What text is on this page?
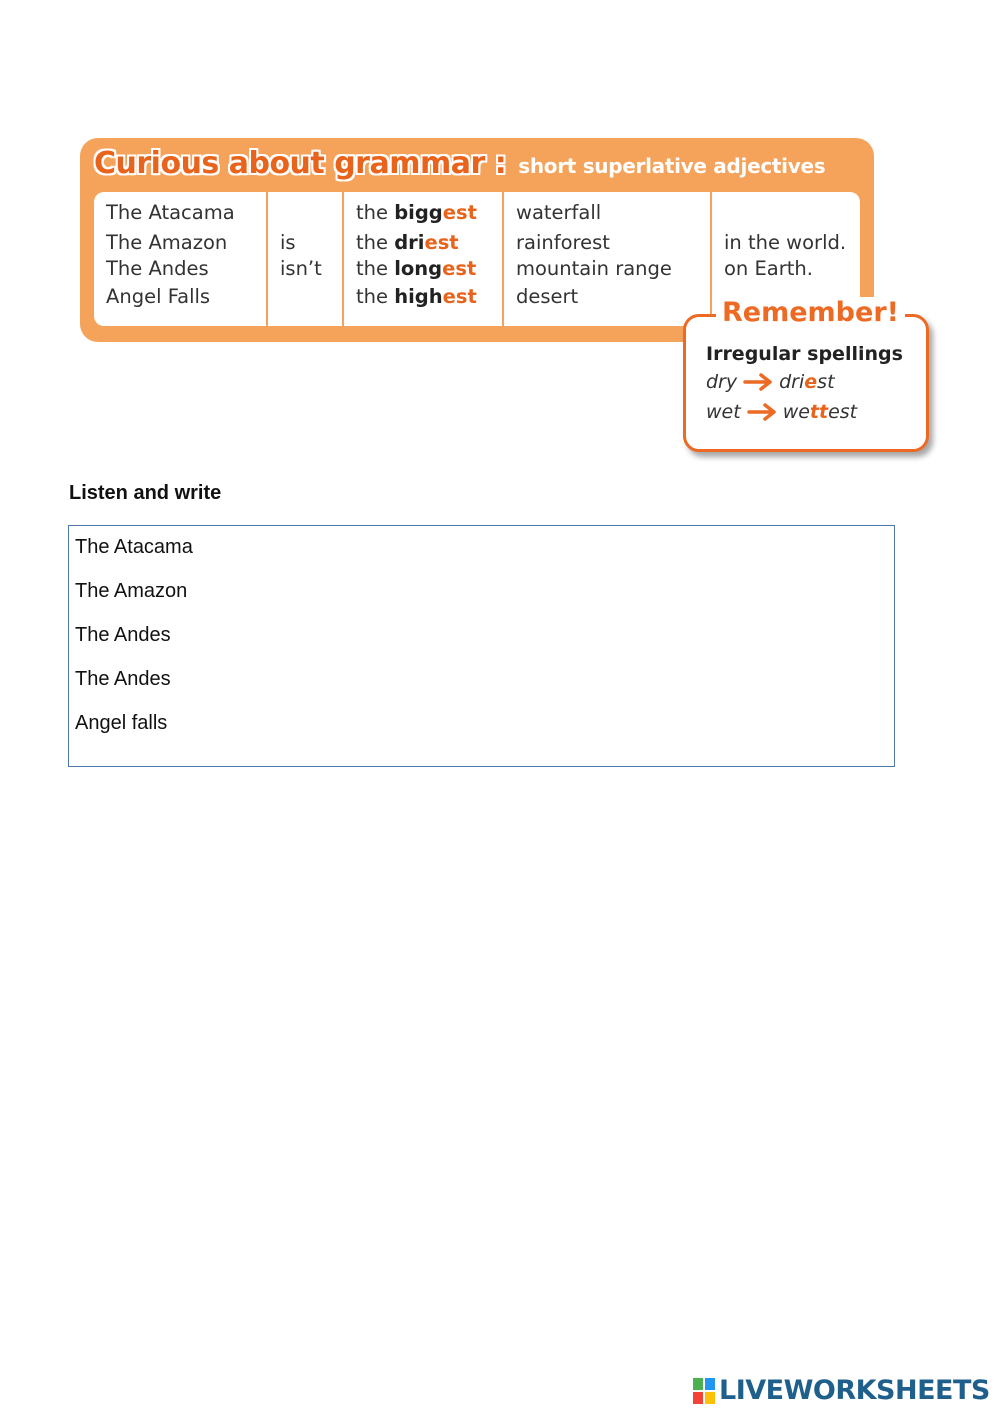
Curious about grammar : short superlative adjectives
The Atacama
The Amazon
The Andes
Angel Falls
is
isn’t
the biggest
the driest
the longest
the highest
waterfall
rainforest
mountain range
desert
in the world.
on Earth.
Remember!
Irregular spellings
dry driest
wet wettest
Listen and write
The Atacama
The Amazon
The Andes
The Andes
Angel falls
LIVEWORKSHEETS
